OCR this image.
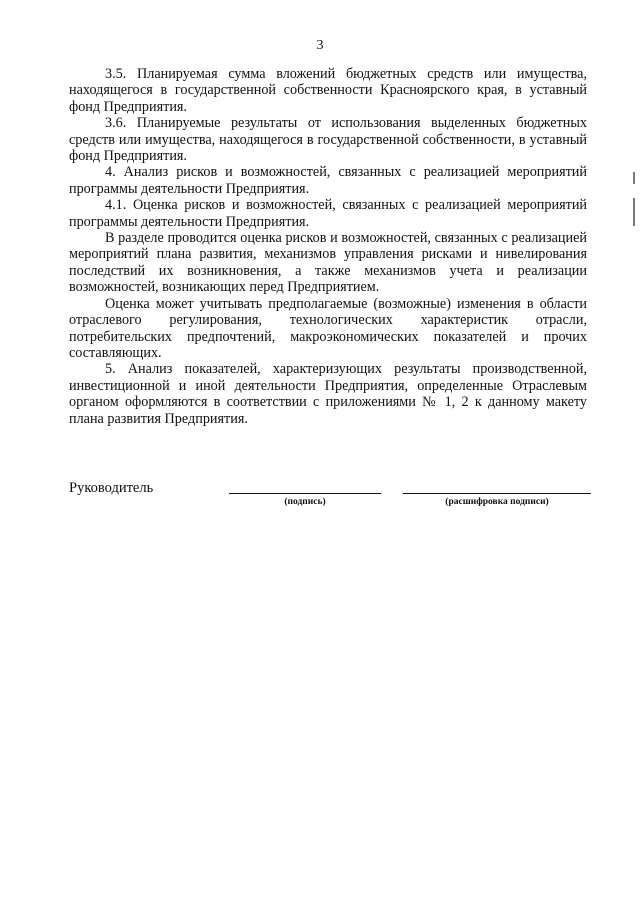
3

3.5. Планируемая сумма вложений бюджетных средств или имущества, находящегося в государственной собственности Красноярского края, в уставный фонд Предприятия.

3.6. Планируемые результаты от использования выделенных бюджетных средств или имущества, находящегося в государственной собственности, в уставный фонд Предприятия.

4. Анализ рисков и возможностей, связанных с реализацией мероприятий программы деятельности Предприятия.

4.1. Оценка рисков и возможностей, связанных с реализацией мероприятий программы деятельности Предприятия.

В разделе проводится оценка рисков и возможностей, связанных с реализацией мероприятий плана развития, механизмов управления рисками и нивелирования последствий их возникновения, а также механизмов учета и реализации возможностей, возникающих перед Предприятием.

Оценка может учитывать предполагаемые (возможные) изменения в области отраслевого регулирования, технологических характеристик отрасли, потребительских предпочтений, макроэкономических показателей и прочих составляющих.

5. Анализ показателей, характеризующих результаты производственной, инвестиционной и иной деятельности Предприятия, определенные Отраслевым органом оформляются в соответствии с приложениями № 1, 2 к данному макету плана развития Предприятия.

Руководитель
(подпись)	(расшифровка подписи)
